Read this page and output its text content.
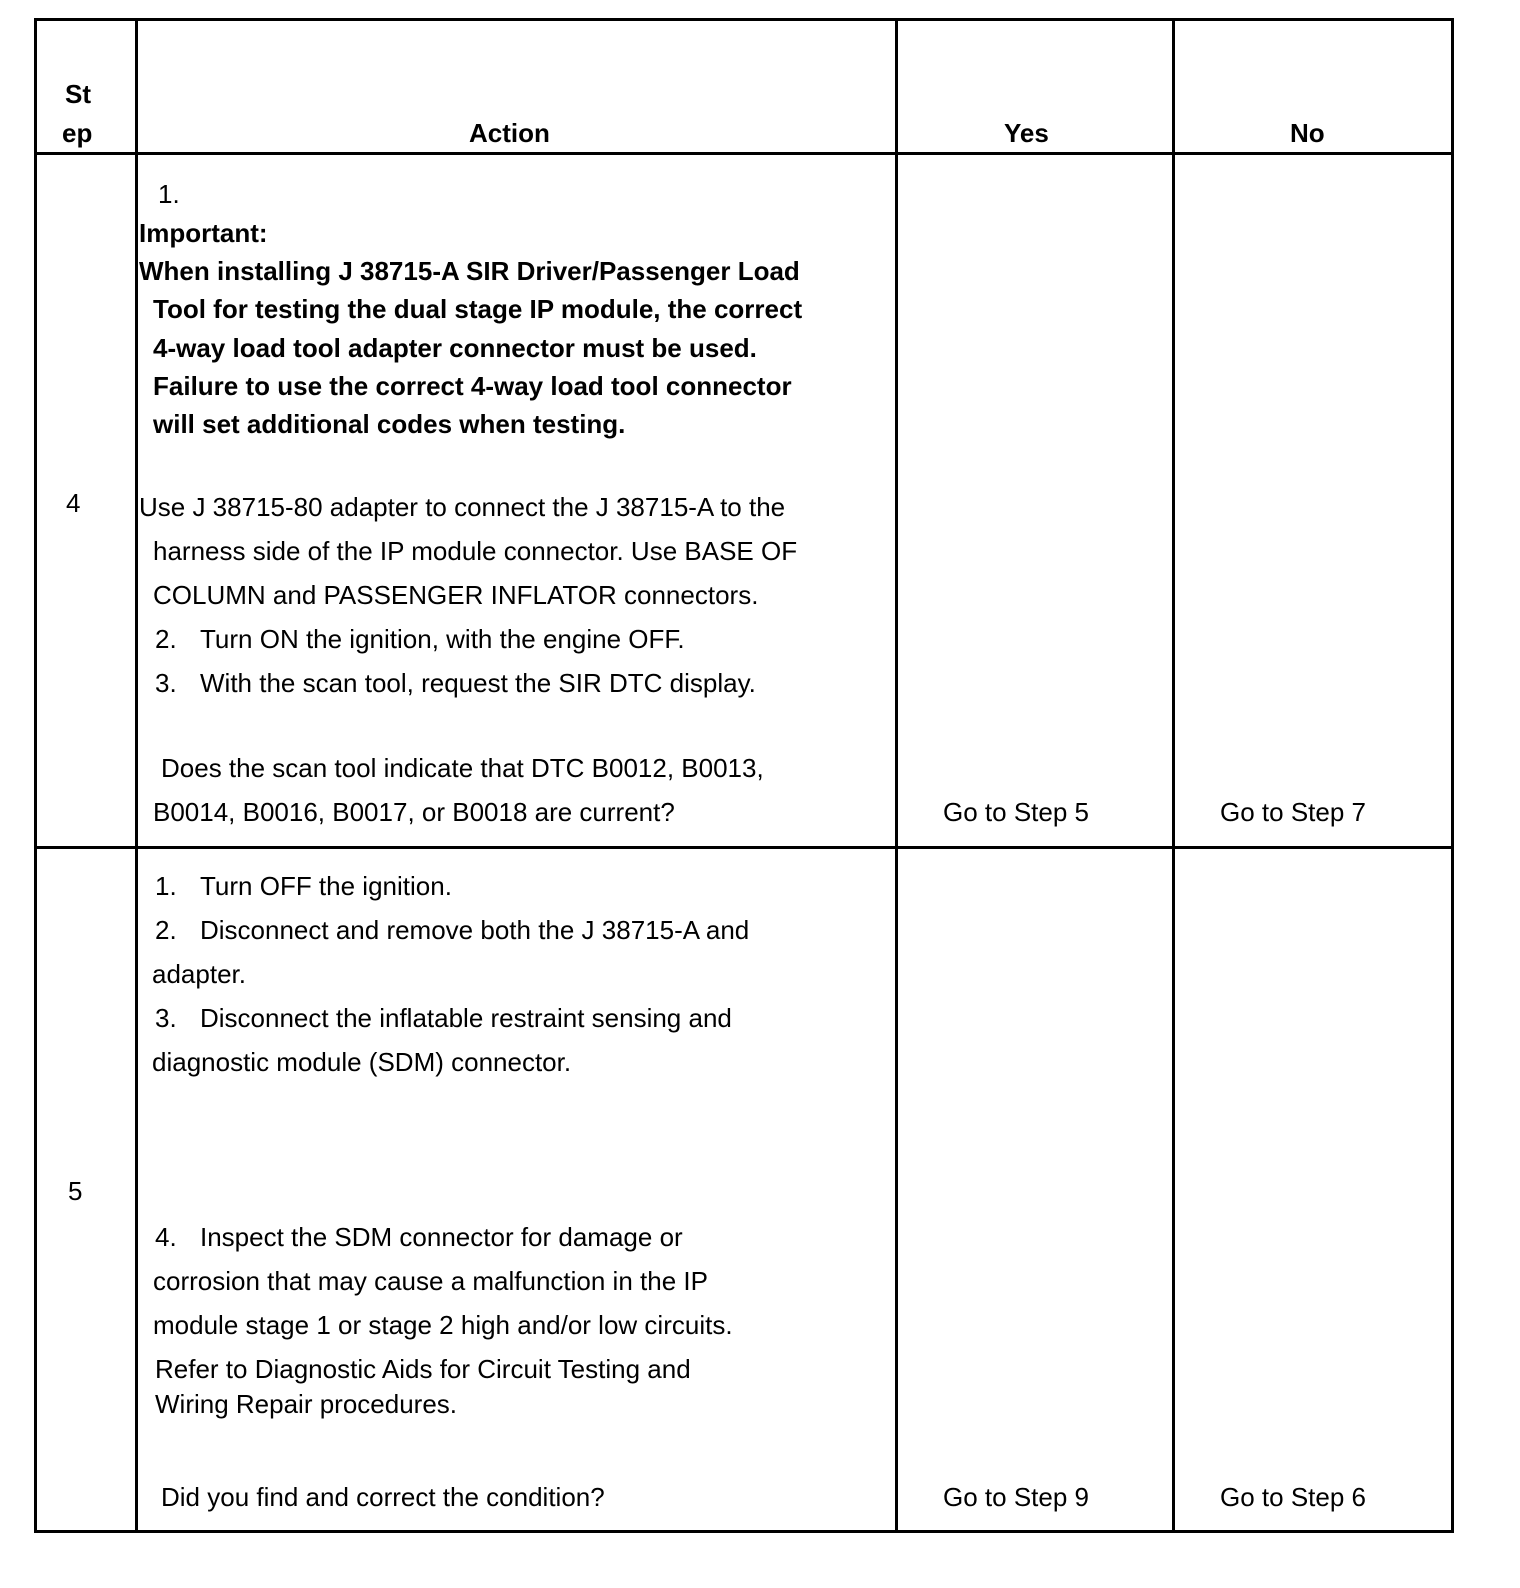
St
ep	Action	Yes	No
4
1.
Important:
When installing J 38715-A SIR Driver/Passenger Load
Tool for testing the dual stage IP module, the correct
4-way load tool adapter connector must be used.
Failure to use the correct 4-way load tool connector
will set additional codes when testing.
Use J 38715-80 adapter to connect the J 38715-A to the
harness side of the IP module connector. Use BASE OF
COLUMN and PASSENGER INFLATOR connectors.
2. Turn ON the ignition, with the engine OFF.
3. With the scan tool, request the SIR DTC display.
Does the scan tool indicate that DTC B0012, B0013,
B0014, B0016, B0017, or B0018 are current?	Go to Step 5	Go to Step 7
5
1. Turn OFF the ignition.
2. Disconnect and remove both the J 38715-A and
adapter.
3. Disconnect the inflatable restraint sensing and
diagnostic module (SDM) connector.
4. Inspect the SDM connector for damage or
corrosion that may cause a malfunction in the IP
module stage 1 or stage 2 high and/or low circuits.
Refer to Diagnostic Aids for Circuit Testing and
Wiring Repair procedures.
Did you find and correct the condition?	Go to Step 9	Go to Step 6
